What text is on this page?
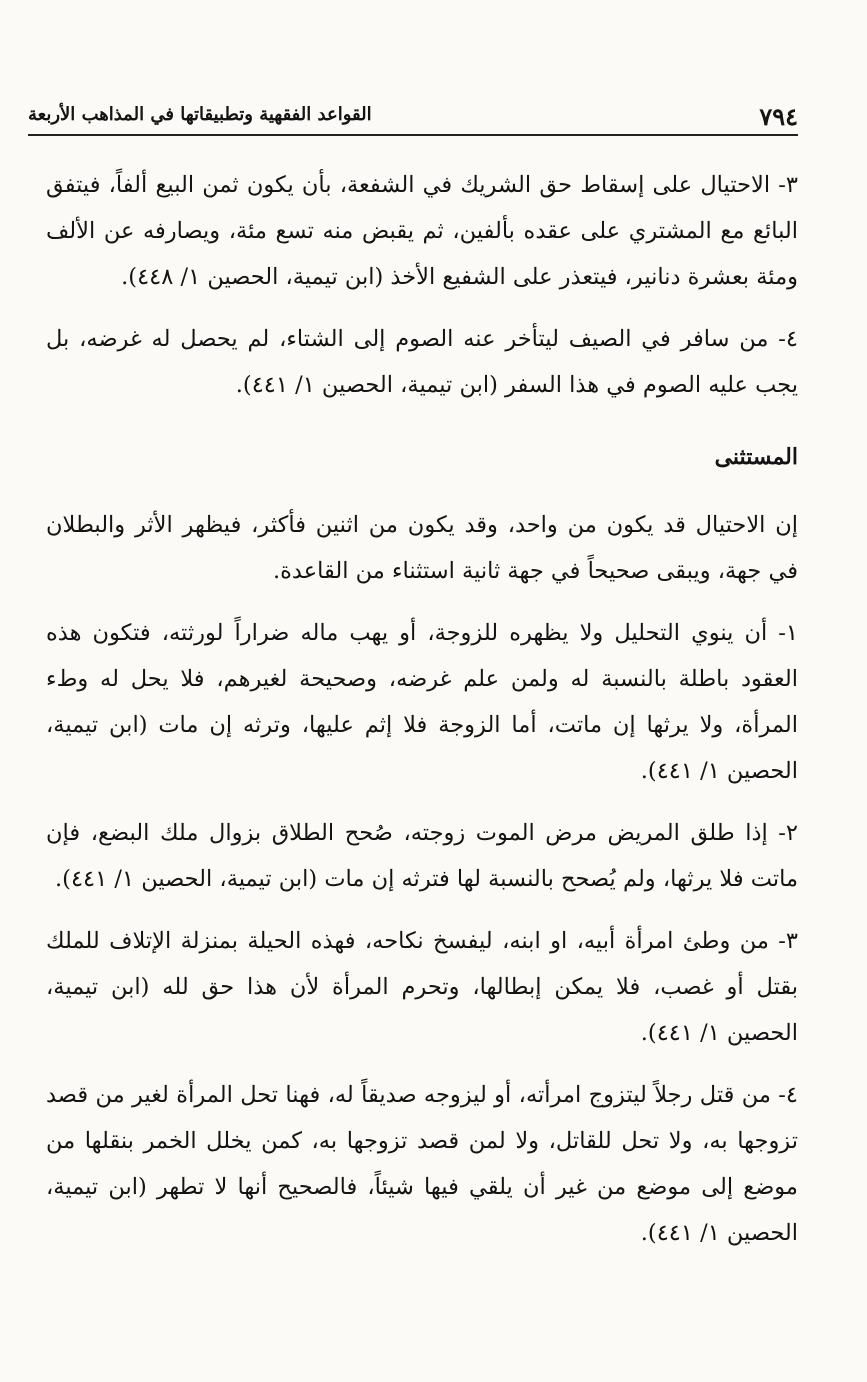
٧٩٤
القواعد الفقهية وتطبيقاتها في المذاهب الأربعة

٣- الاحتيال على إسقاط حق الشريك في الشفعة، بأن يكون ثمن البيع ألفاً، فيتفق البائع مع المشتري على عقده بألفين، ثم يقبض منه تسع مئة، ويصارفه عن الألف ومئة بعشرة دنانير، فيتعذر على الشفيع الأخذ (ابن تيمية، الحصين ١/ ٤٤٨).

٤- من سافر في الصيف ليتأخر عنه الصوم إلى الشتاء، لم يحصل له غرضه، بل يجب عليه الصوم في هذا السفر (ابن تيمية، الحصين ١/ ٤٤١).

المستثنى

إن الاحتيال قد يكون من واحد، وقد يكون من اثنين فأكثر، فيظهر الأثر والبطلان في جهة، ويبقى صحيحاً في جهة ثانية استثناء من القاعدة.

١- أن ينوي التحليل ولا يظهره للزوجة، أو يهب ماله ضراراً لورثته، فتكون هذه العقود باطلة بالنسبة له ولمن علم غرضه، وصحيحة لغيرهم، فلا يحل له وطء المرأة، ولا يرثها إن ماتت، أما الزوجة فلا إثم عليها، وترثه إن مات (ابن تيمية، الحصين ١/ ٤٤١).

٢- إذا طلق المريض مرض الموت زوجته، صُحح الطلاق بزوال ملك البضع، فإن ماتت فلا يرثها، ولم يُصحح بالنسبة لها فترثه إن مات (ابن تيمية، الحصين ١/ ٤٤١).

٣- من وطئ امرأة أبيه، او ابنه، ليفسخ نكاحه، فهذه الحيلة بمنزلة الإتلاف للملك بقتل أو غصب، فلا يمكن إبطالها، وتحرم المرأة لأن هذا حق لله (ابن تيمية، الحصين ١/ ٤٤١).

٤- من قتل رجلاً ليتزوج امرأته، أو ليزوجه صديقاً له، فهنا تحل المرأة لغير من قصد تزوجها به، ولا تحل للقاتل، ولا لمن قصد تزوجها به، كمن يخلل الخمر بنقلها من موضع إلى موضع من غير أن يلقي فيها شيئاً، فالصحيح أنها لا تطهر (ابن تيمية، الحصين ١/ ٤٤١).
